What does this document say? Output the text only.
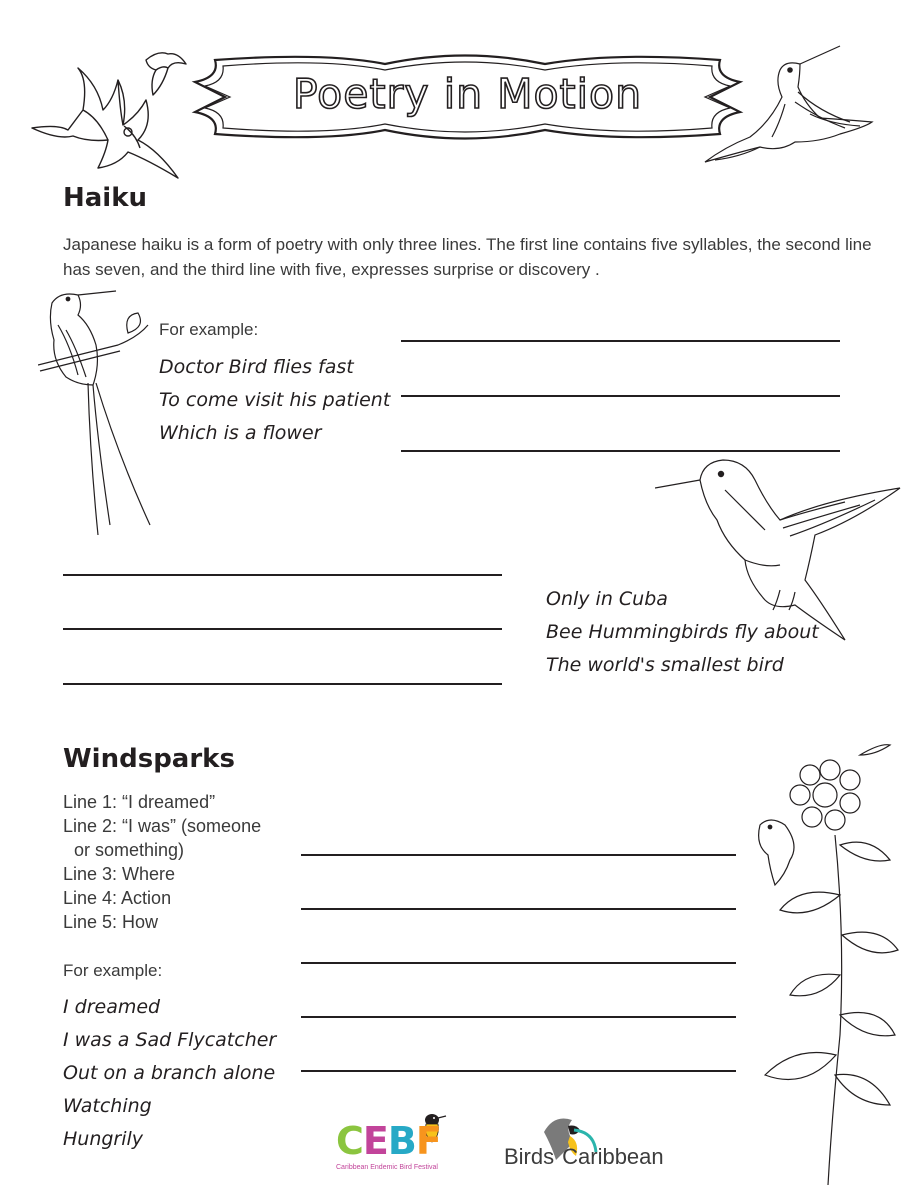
Poetry in Motion
Haiku
Japanese haiku is a form of poetry with only three lines. The first line contains five syllables, the second line has seven, and the third line with five, expresses surprise or discovery .
For example:
Doctor Bird flies fast
To come visit his patient
Which is a flower
Only in Cuba
Bee Hummingbirds fly about
The world's smallest bird
Windsparks
Line 1: “I dreamed”
Line 2: “I was” (someone
or something)
Line 3: Where
Line 4: Action
Line 5: How
For example:
I dreamed
I was a Sad Flycatcher
Out on a branch alone
Watching
Hungrily	CEBF
Caribbean Endemic Bird Festival	Birds Caribbean
